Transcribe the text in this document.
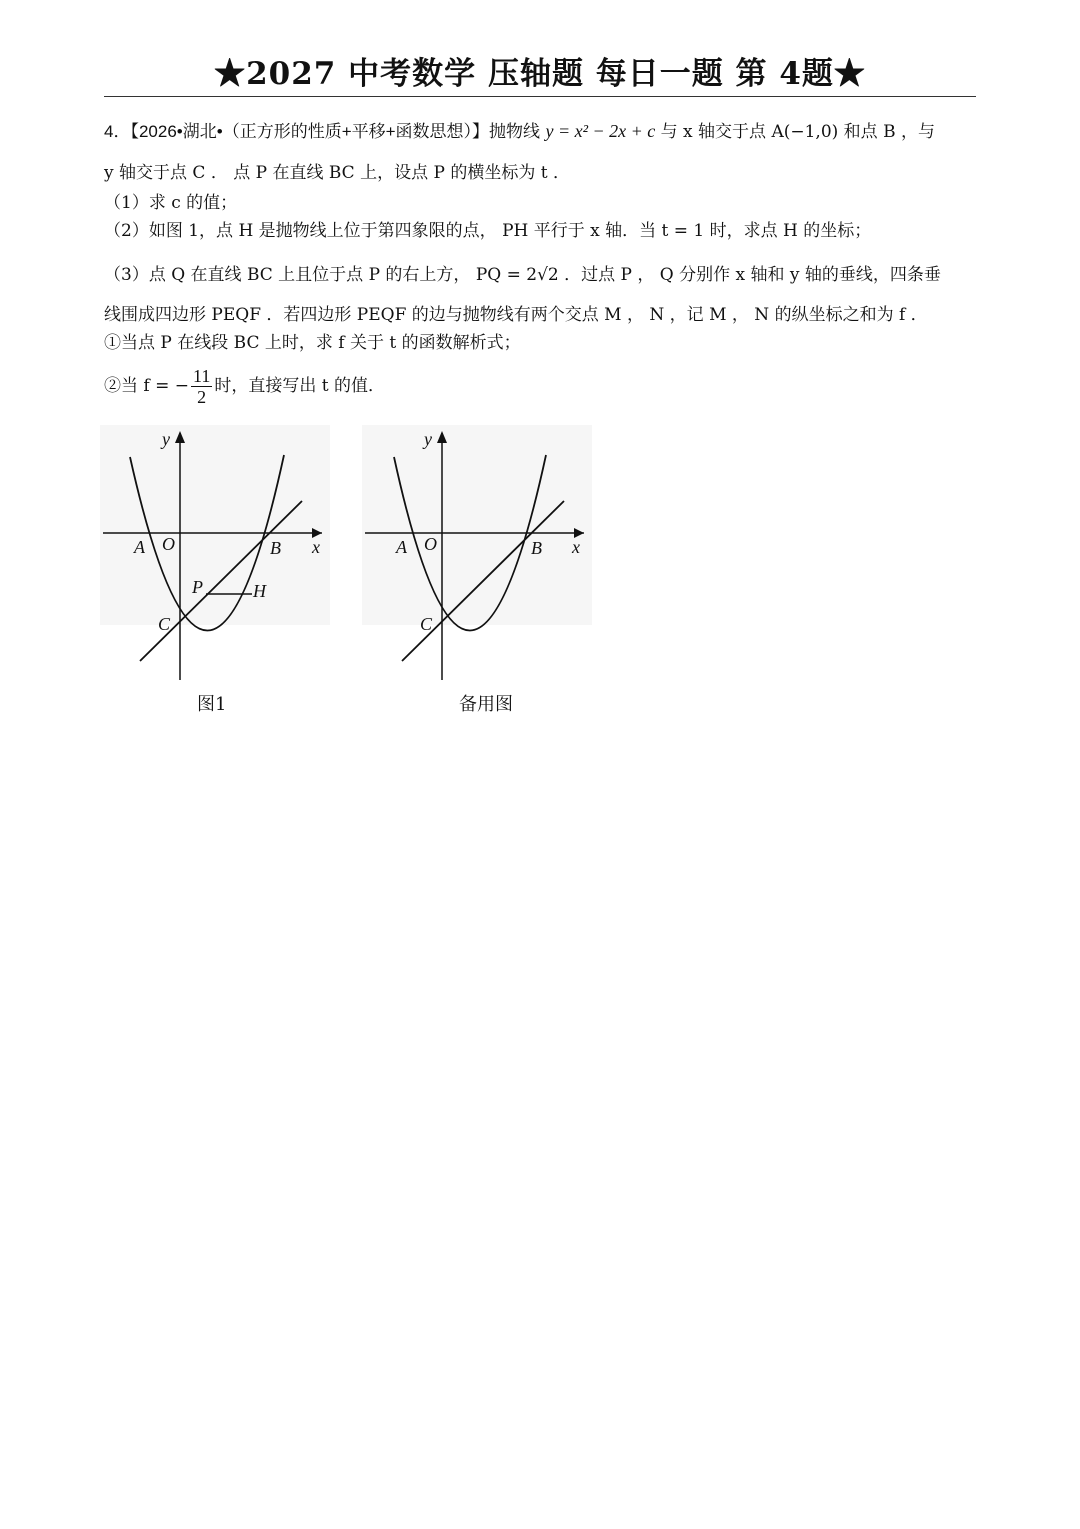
★2027 中考数学 压轴题 每日一题 第 4题★
4．【2026•湖北•（正方形的性质+平移+函数思想）】抛物线 y = x² − 2x + c 与 x 轴交于点 A(−1,0) 和点 B ，与
y 轴交于点 C ． 点 P 在直线 BC 上，设点 P 的横坐标为 t ．
（1）求 c 的值；
（2）如图 1，点 H 是抛物线上位于第四象限的点， PH 平行于 x 轴．当 t = 1 时，求点 H 的坐标；
（3）点 Q 在直线 BC 上且位于点 P 的右上方， PQ = 2√2 ．过点 P ， Q 分别作 x 轴和 y 轴的垂线，四条垂
线围成四边形 PEQF ．若四边形 PEQF 的边与抛物线有两个交点 M ， N ，记 M ， N 的纵坐标之和为 f ．
①当点 P 在线段 BC 上时，求 f 关于 t 的函数解析式；
②当 f = − $\frac{11}{2}$ 时，直接写出 t 的值．
y
x
A O	B
C
P	H
图1
y
x
A O	B
C
备用图
